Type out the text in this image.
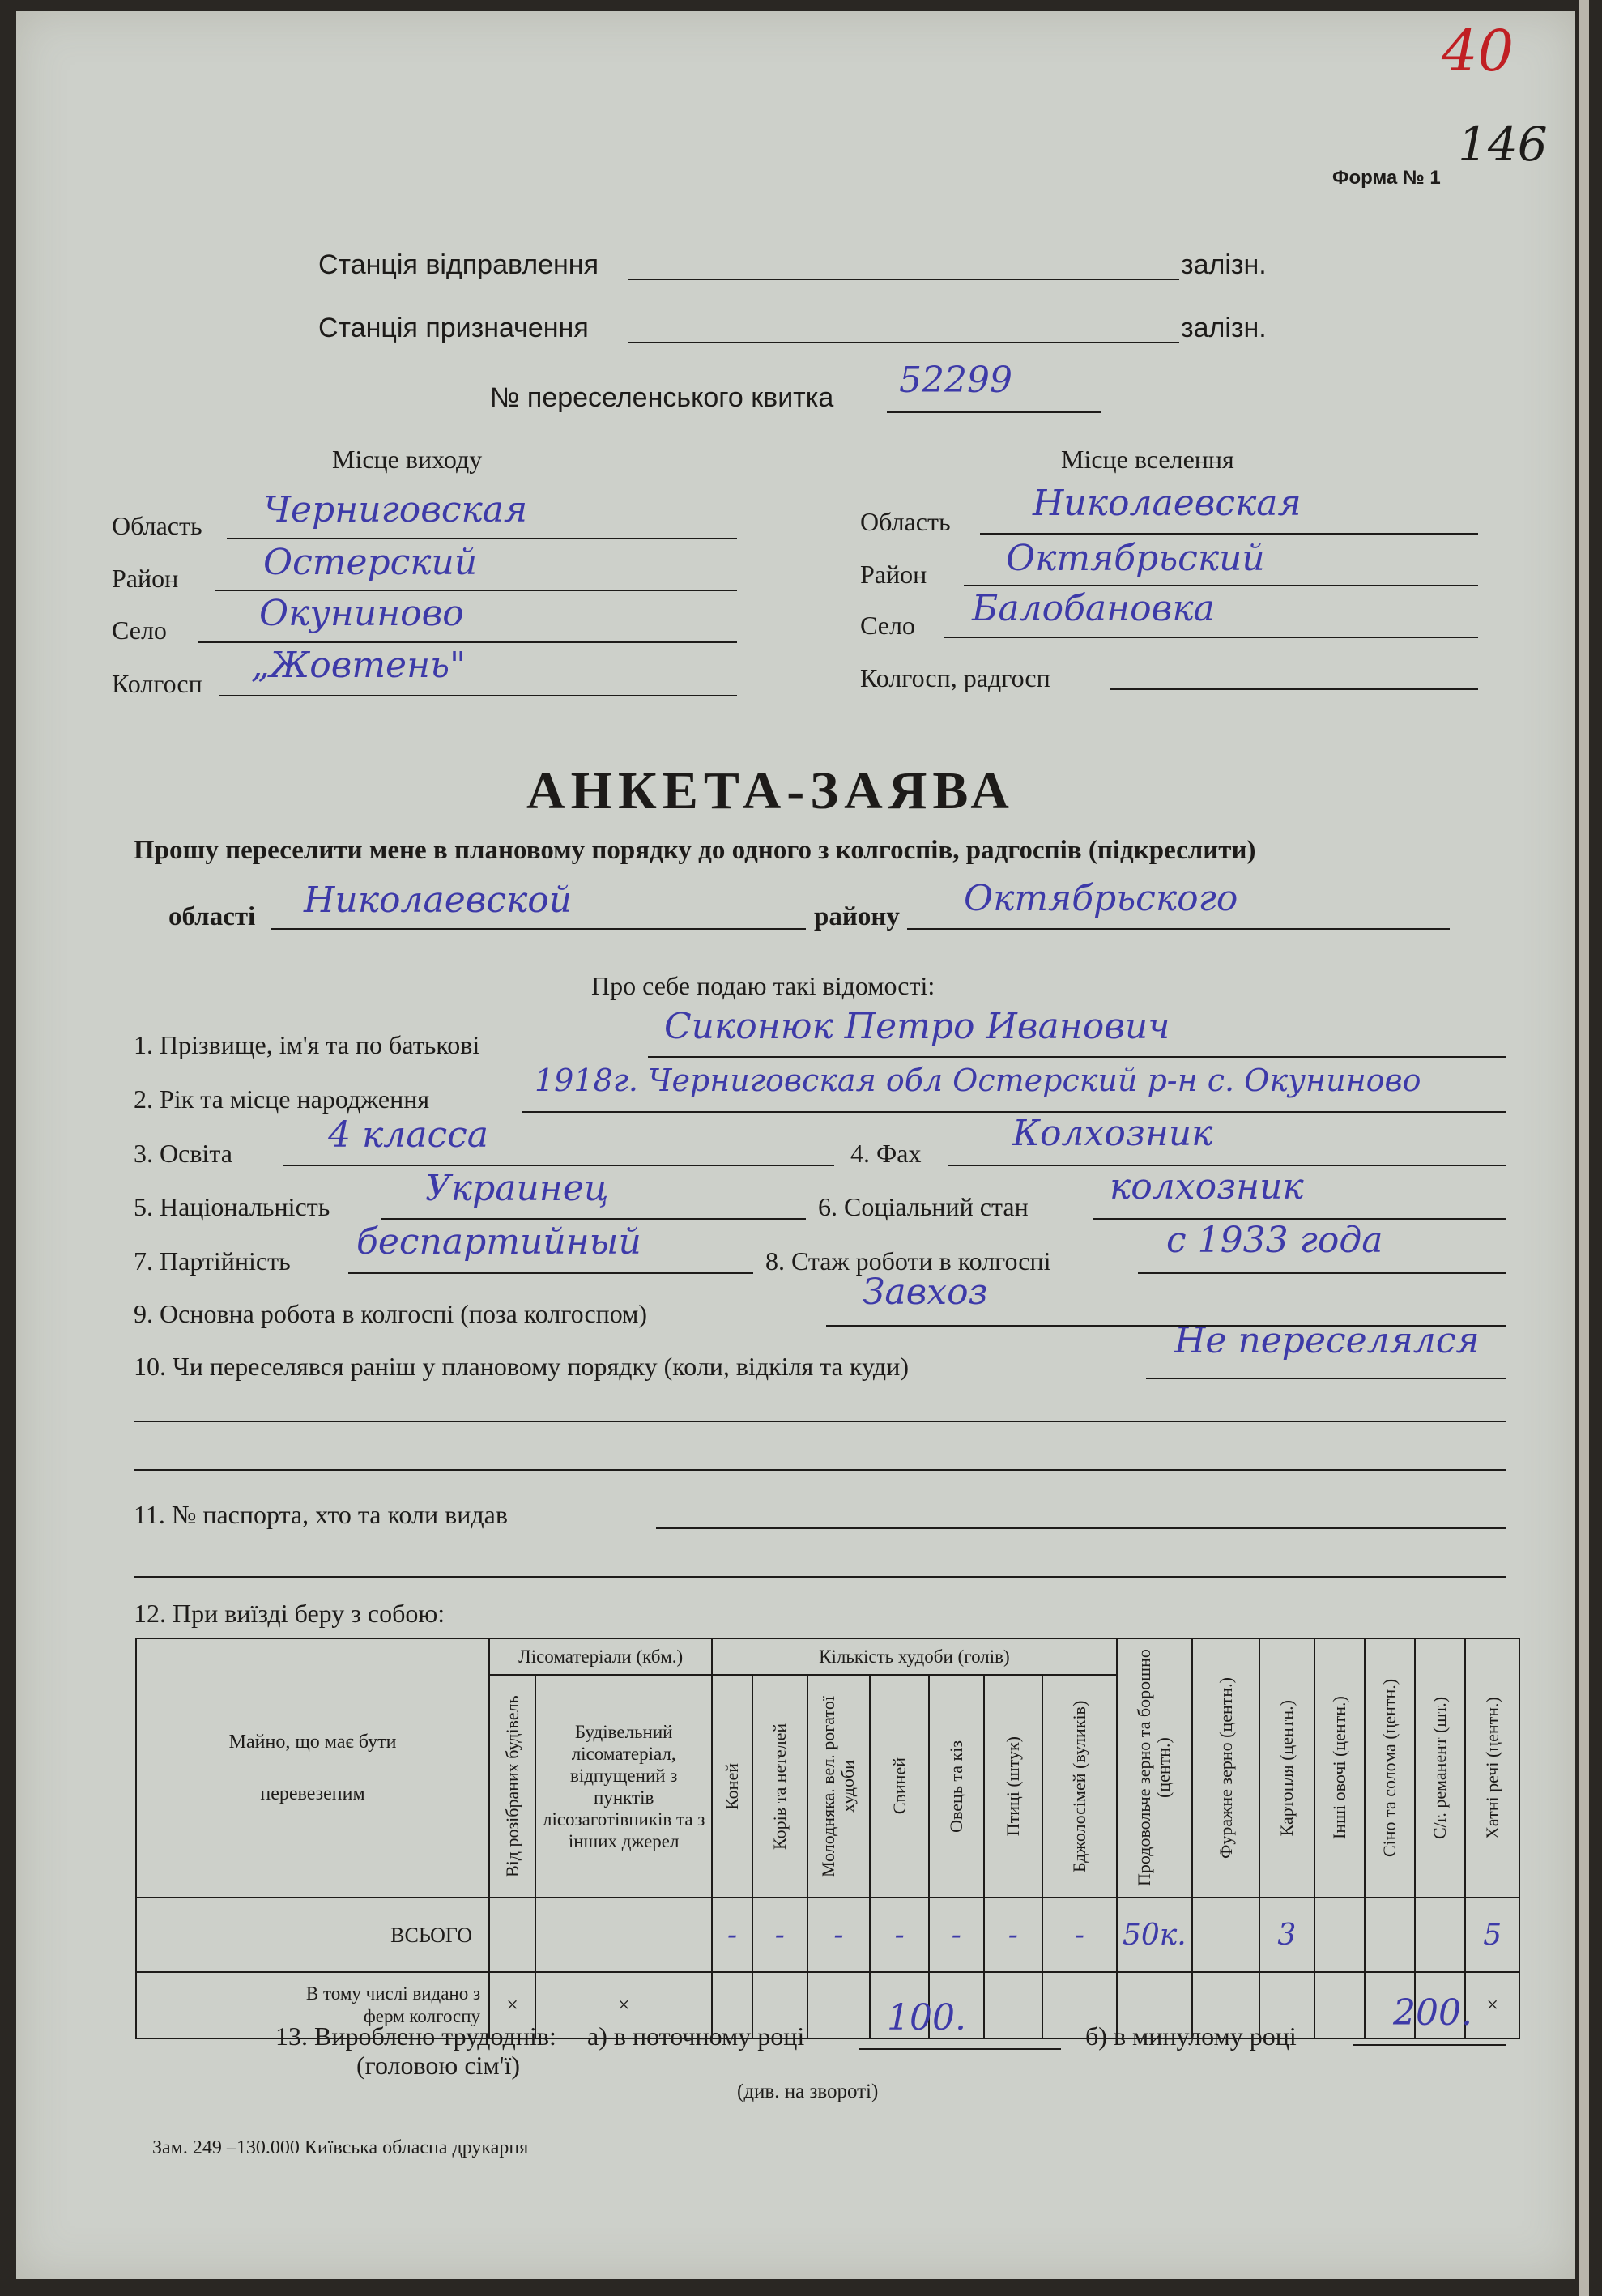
40
146
Форма № 1
Станція відправлення	залізн.
Станція призначення	залізн.
№ переселенського квитка 52299
Місце виходу	Місце вселення
Область Черниговская
Район Остерский
Село	Окуниново
Колгосп „Жовтень"
Область Николаевская
Район Октябрьский
Село Балобановка
Колгосп, радгосп
АНКЕТА-ЗАЯВА
Прошу переселити мене в плановому порядку до одного з колгоспів, радгоспів (підкреслити)
області Николаевской	району Октябрьского
Про себе подаю такі відомості:
1. Прізвище, ім'я та по батькові	Сиконюк Петро Иванович
2. Рік та місце народження
1918г. Черниговская обл Остерский р-н с. Окуниново
3. Освіта	4 класса	4. Фах	Колхозник
5. Національність	Украинец	6. Соціальний стан колхозник
7. Партійність беспартийный	8. Стаж роботи в колгоспі	с 1933 года
9. Основна робота в колгоспі (поза колгоспом)
Завхоз
10. Чи переселявся раніш у плановому порядку (коли, відкіля та куди)
Не переселялся
11. № паспорта, хто та коли видав
12. При виїзді беру з собою:
Майно, що має бути перевезеним	Лісоматеріали (кбм.)		Кількість худоби (голів)							Продовольче зерно та борошно (центн.)	Фуражне зерно (центн.)	Картопля (центн.)	Інші овочі (центн.)	Сіно та солома (центн.)	С/г. реманент (шт.)	Хатні речі (центн.)

	Від розібраних будівель	Будівельний лісоматеріал, відпущений з пунктів лісозаготівників та з інших джерел	Коней	Корів та нетелей	Молодняка. вел. рогатої худоби	Свиней	Овець та кіз	Птиці (штук)	Бджолосімей (вуликів)							

ВСЬОГО			-	-	-	-	-	-	-	50к.		3				5
В тому числі видано з ферм колгоспу	×	×														×
13. Вироблено трудоднів:
(головою сім'ї)
а) в поточному році 100.	б) в минулому році
200.
(див. на звороті)
Зам. 249 –130.000 Київська обласна друкарня
